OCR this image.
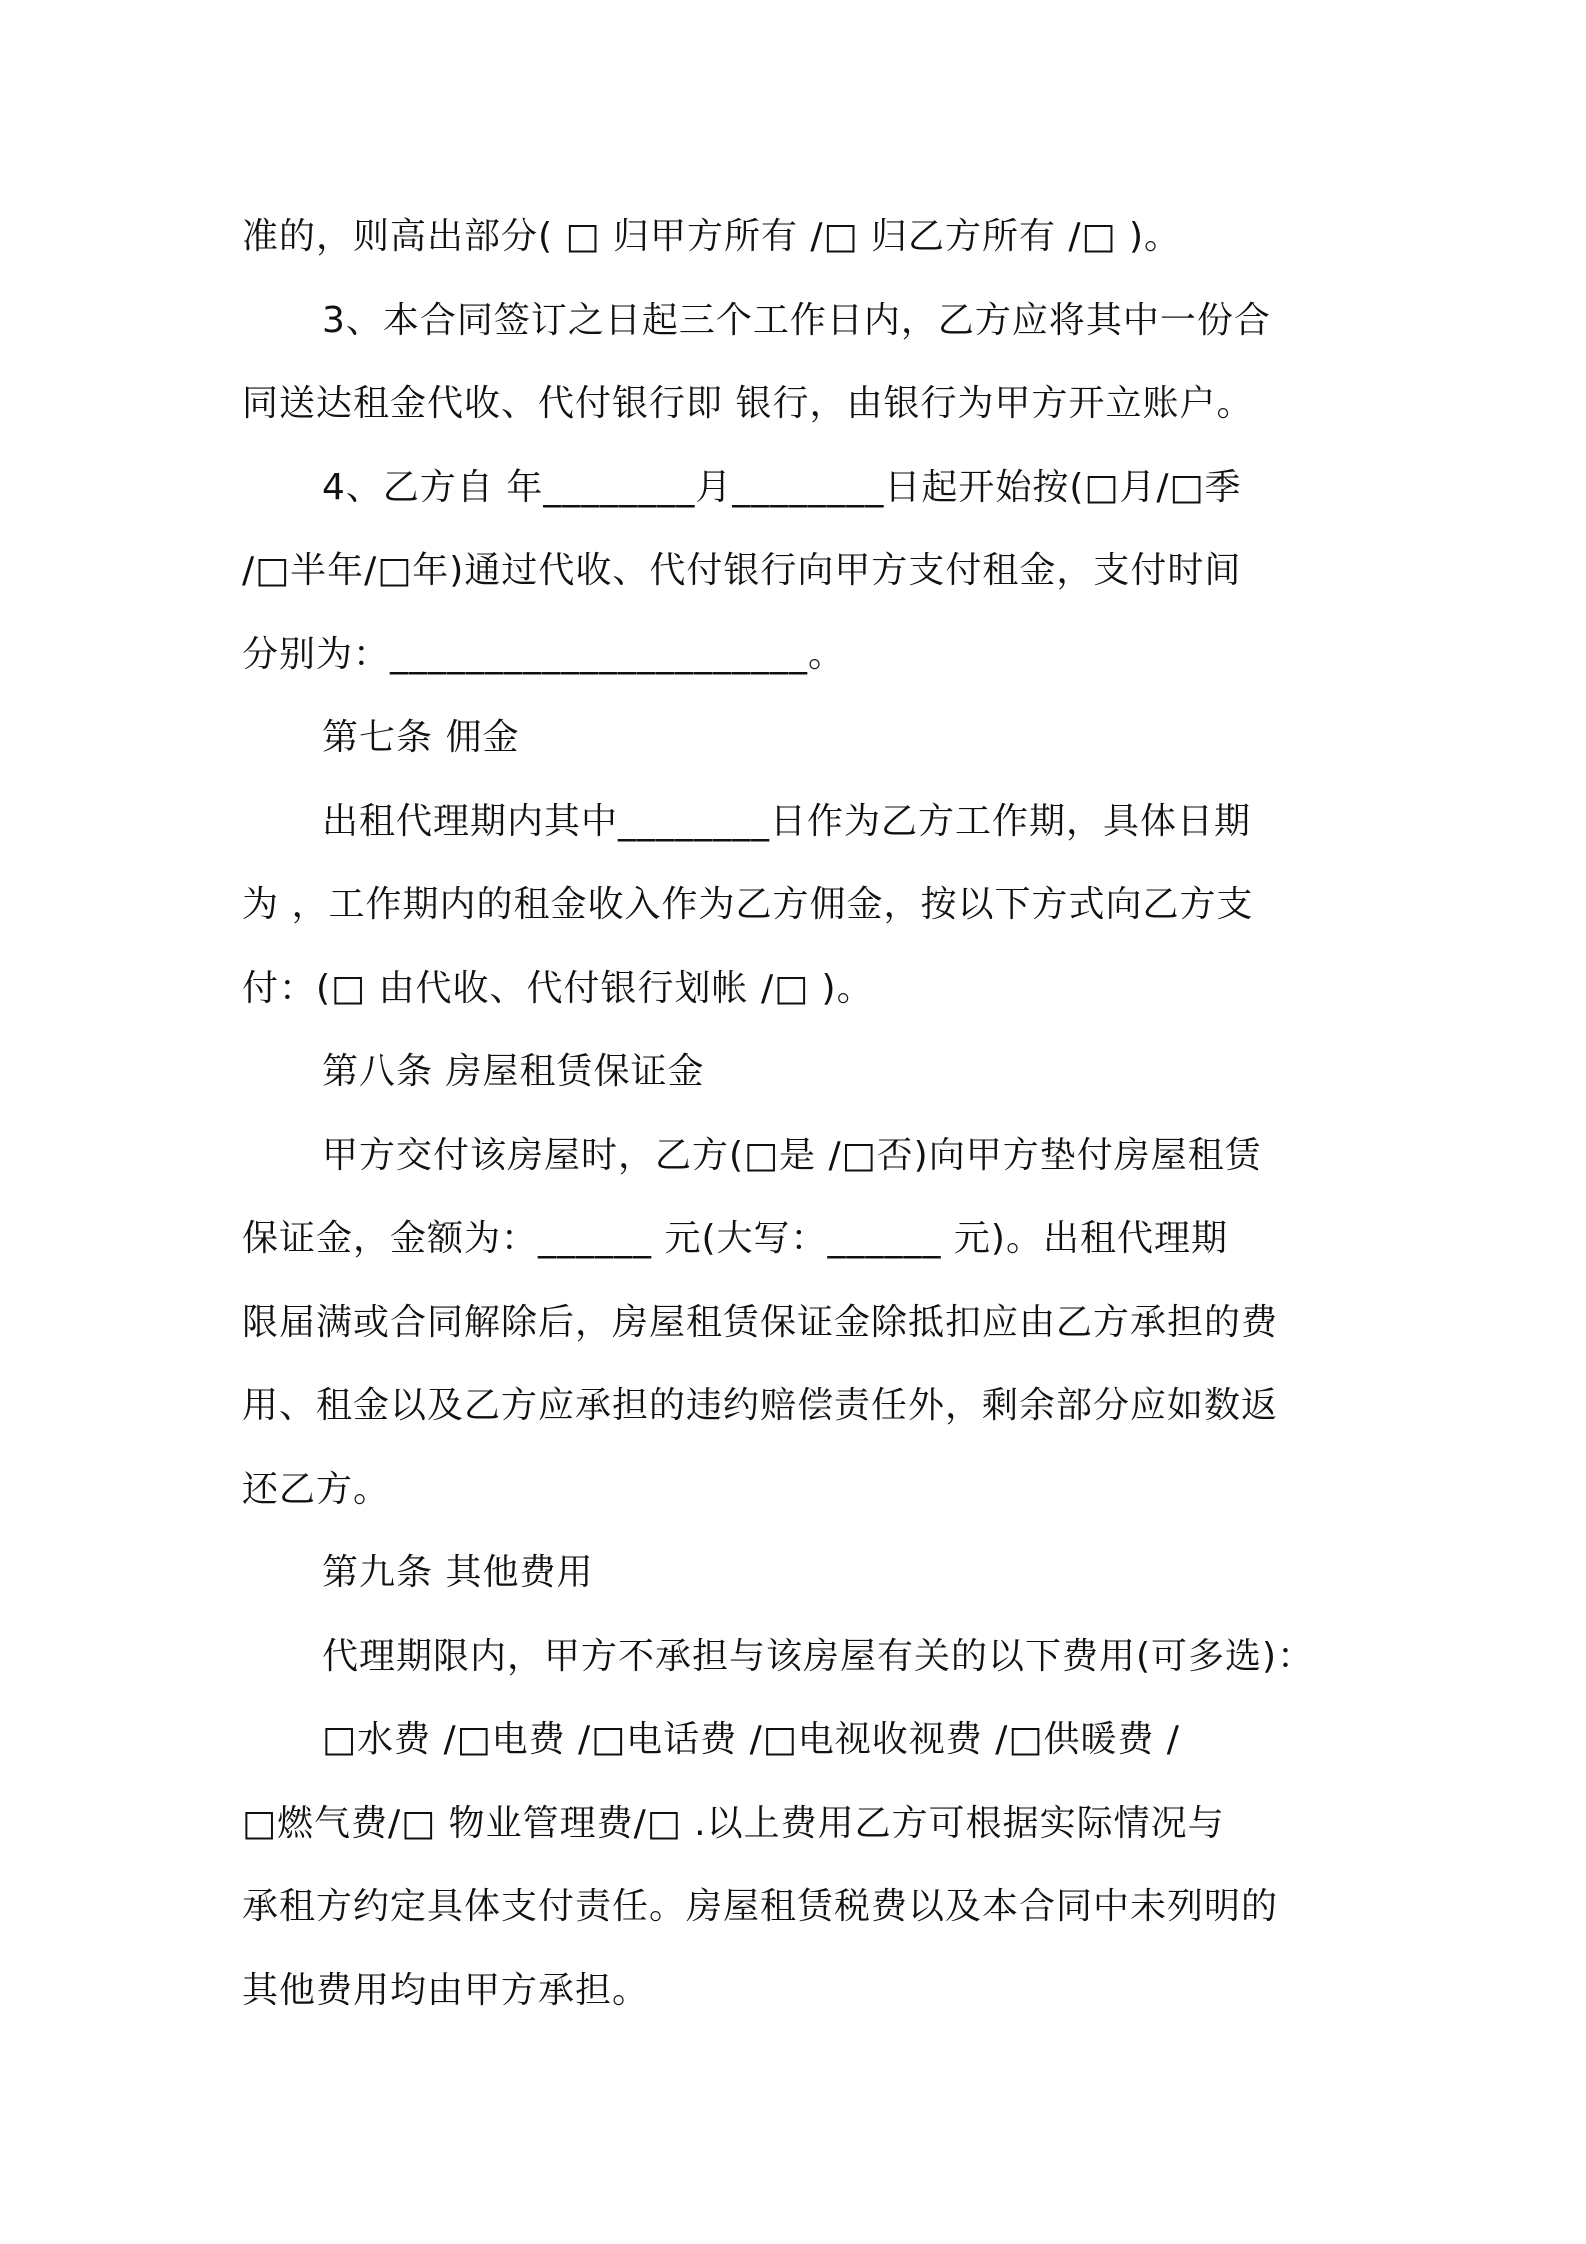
准的，则高出部分( □ 归甲方所有 /□ 归乙方所有 /□ )。

3、本合同签订之日起三个工作日内，乙方应将其中一份合

同送达租金代收、代付银行即 银行，由银行为甲方开立账户。

4、乙方自 年________月________日起开始按(□月/□季

/□半年/□年)通过代收、代付银行向甲方支付租金，支付时间

分别为：______________________。

第七条 佣金

出租代理期内其中________日作为乙方工作期，具体日期

为 ，工作期内的租金收入作为乙方佣金，按以下方式向乙方支

付：(□ 由代收、代付银行划帐 /□ )。

第八条 房屋租赁保证金

甲方交付该房屋时，乙方(□是 /□否)向甲方垫付房屋租赁

保证金，金额为：______ 元(大写：______ 元)。出租代理期

限届满或合同解除后，房屋租赁保证金除抵扣应由乙方承担的费

用、租金以及乙方应承担的违约赔偿责任外，剩余部分应如数返

还乙方。

第九条 其他费用

代理期限内，甲方不承担与该房屋有关的以下费用(可多选)：

□水费 /□电费 /□电话费 /□电视收视费 /□供暖费 /

□燃气费/□ 物业管理费/□ .以上费用乙方可根据实际情况与

承租方约定具体支付责任。房屋租赁税费以及本合同中未列明的

其他费用均由甲方承担。
